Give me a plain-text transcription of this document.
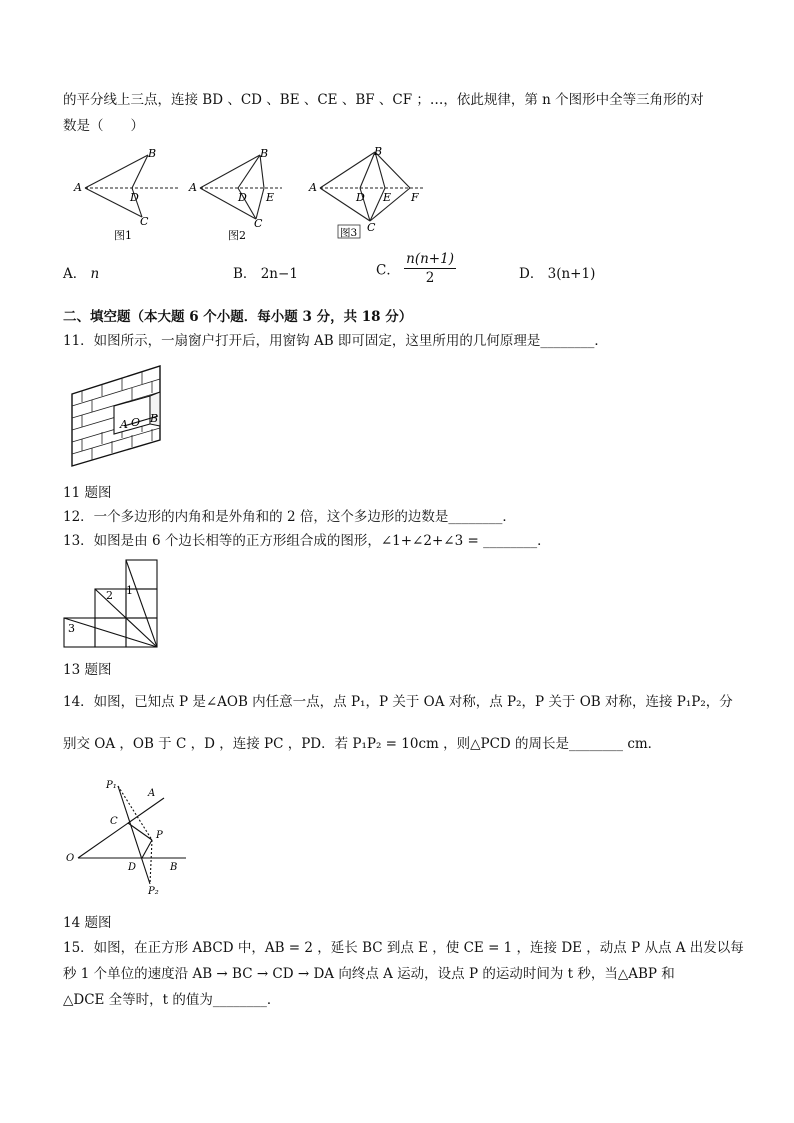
的平分线上三点，连接 BD 、CD 、BE 、CE 、BF 、CF ；…，依此规律，第 n 个图形中全等三角形的对
数是（　　）
A
B
D
C
图1
A
B
D E
C
图2
A
B
D E F
C
图3
A． n	B． 2n−1	C． $\frac{n(n+1)}{2}$	D． 3(n+1)
二、填空题（本大题 6 个小题．每小题 3 分，共 18 分）
11．如图所示，一扇窗户打开后，用窗钩 AB 即可固定，这里所用的几何原理是________．
A O B
11 题图
12．一个多边形的内角和是外角和的 2 倍，这个多边形的边数是________．
13．如图是由 6 个边长相等的正方形组合成的图形，∠1+∠2+∠3 = ________．
1
2
3
13 题图
14．如图，已知点 P 是∠AOB 内任意一点，点 P₁，P 关于 OA 对称，点 P₂，P 关于 OB 对称，连接 P₁P₂，分
别交 OA ，OB 于 C ，D ，连接 PC ，PD．若 P₁P₂ = 10cm ，则△PCD 的周长是________ cm．
P₁
A
C
P
O
D	B
P₂
14 题图
15．如图，在正方形 ABCD 中，AB = 2 ，延长 BC 到点 E ，使 CE = 1 ，连接 DE ，动点 P 从点 A 出发以每
秒 1 个单位的速度沿 AB → BC → CD → DA 向终点 A 运动，设点 P 的运动时间为 t 秒，当△ABP 和
△DCE 全等时，t 的值为________．
